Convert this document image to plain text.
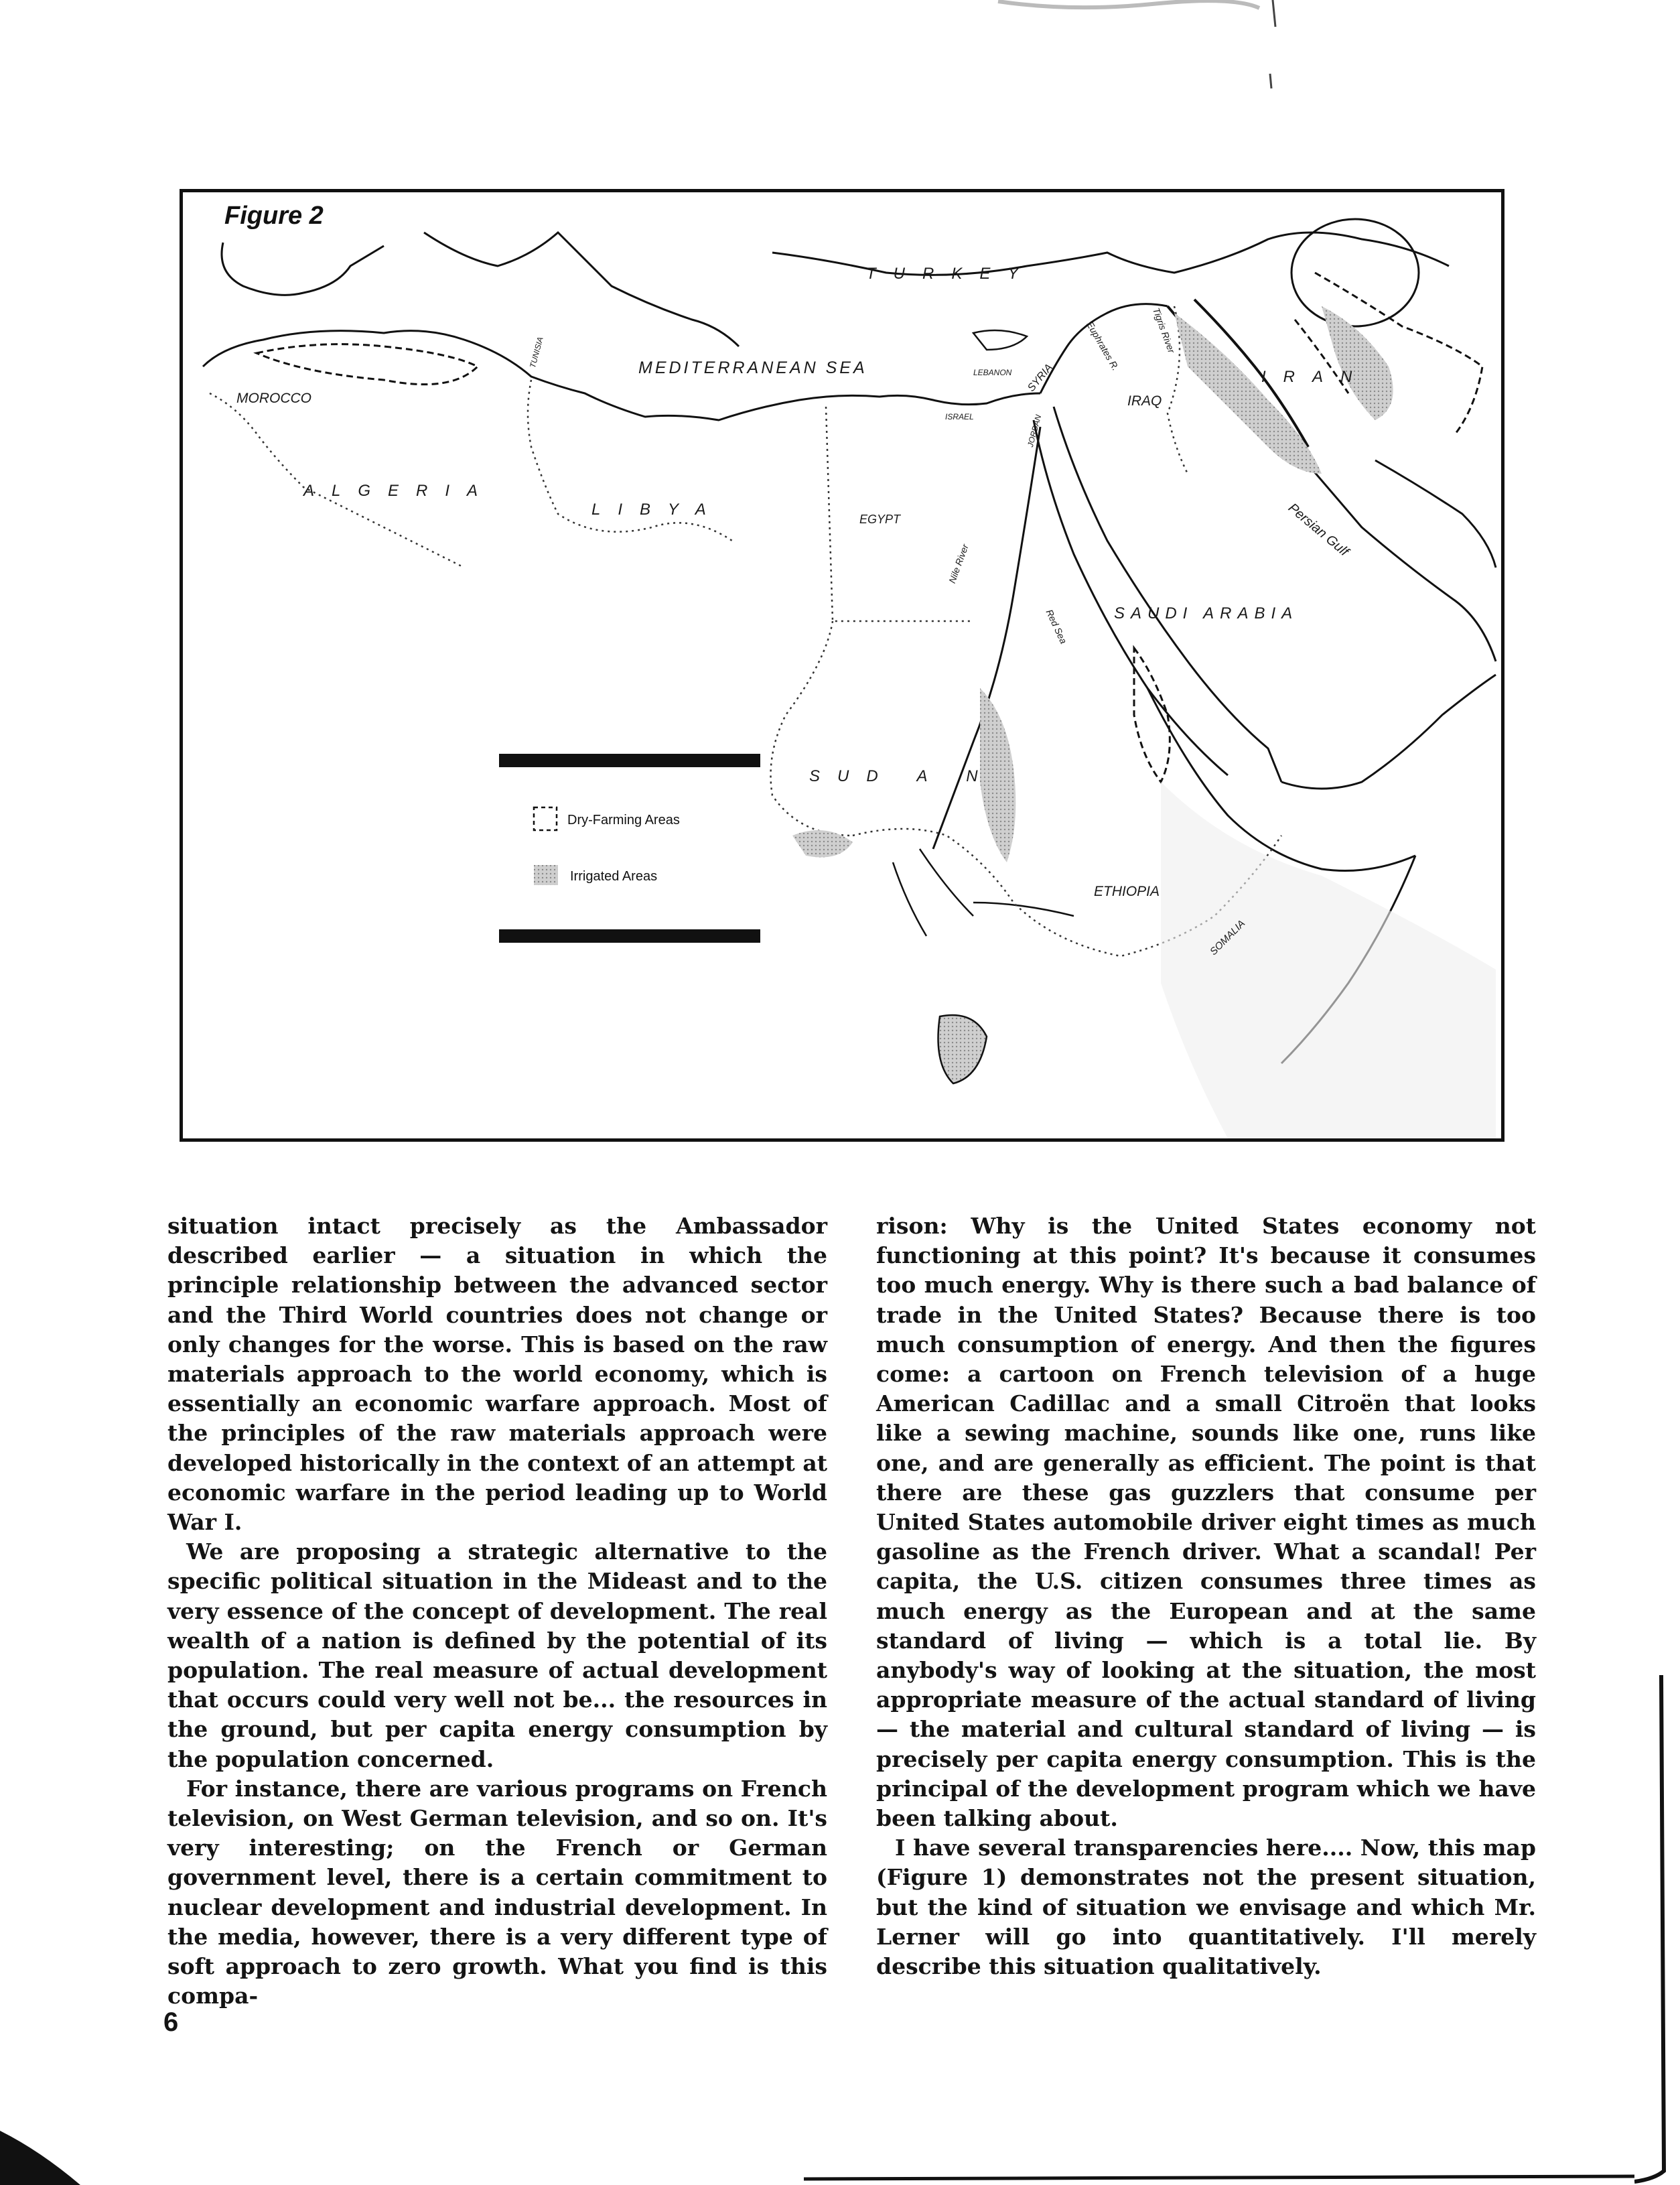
Figure 2
TURKEY
MEDITERRANEAN SEA
MOROCCO
ALGERIA
TUNISIA
LIBYA
EGYPT
LEBANON
ISRAEL	JORDAN
SYRIA
IRAQ
IRAN
Euphrates R.	Tigris River
Persian Gulf
SAUDI ARABIA
Red Sea
Nile River
SUD A N
ETHIOPIA
SOMALIA
Dry-Farming Areas
Irrigated Areas

situation intact precisely as the Ambassador described earlier — a situation in which the principle relationship between the advanced sector and the Third World countries does not change or only changes for the worse. This is based on the raw materials approach to the world economy, which is essentially an economic warfare approach. Most of the principles of the raw materials approach were developed historically in the context of an attempt at economic warfare in the period leading up to World War I.

We are proposing a strategic alternative to the specific political situation in the Mideast and to the very essence of the concept of development. The real wealth of a nation is defined by the potential of its population. The real measure of actual development that occurs could very well not be... the resources in the ground, but per capita energy consumption by the population concerned.

For instance, there are various programs on French television, on West German television, and so on. It's very interesting; on the French or German government level, there is a certain commitment to nuclear development and industrial development. In the media, however, there is a very different type of soft approach to zero growth. What you find is this compa-

rison: Why is the United States economy not functioning at this point? It's because it consumes too much energy. Why is there such a bad balance of trade in the United States? Because there is too much consumption of energy. And then the figures come: a cartoon on French television of a huge American Cadillac and a small Citroën that looks like a sewing machine, sounds like one, runs like one, and are generally as efficient. The point is that there are these gas guzzlers that consume per United States automobile driver eight times as much gasoline as the French driver. What a scandal! Per capita, the U.S. citizen consumes three times as much energy as the European and at the same standard of living — which is a total lie. By anybody's way of looking at the situation, the most appropriate measure of the actual standard of living — the material and cultural standard of living — is precisely per capita energy consumption. This is the principal of the development program which we have been talking about.

I have several transparencies here.... Now, this map (Figure 1) demonstrates not the present situation, but the kind of situation we envisage and which Mr. Lerner will go into quantitatively. I'll merely describe this situation qualitatively.

6
